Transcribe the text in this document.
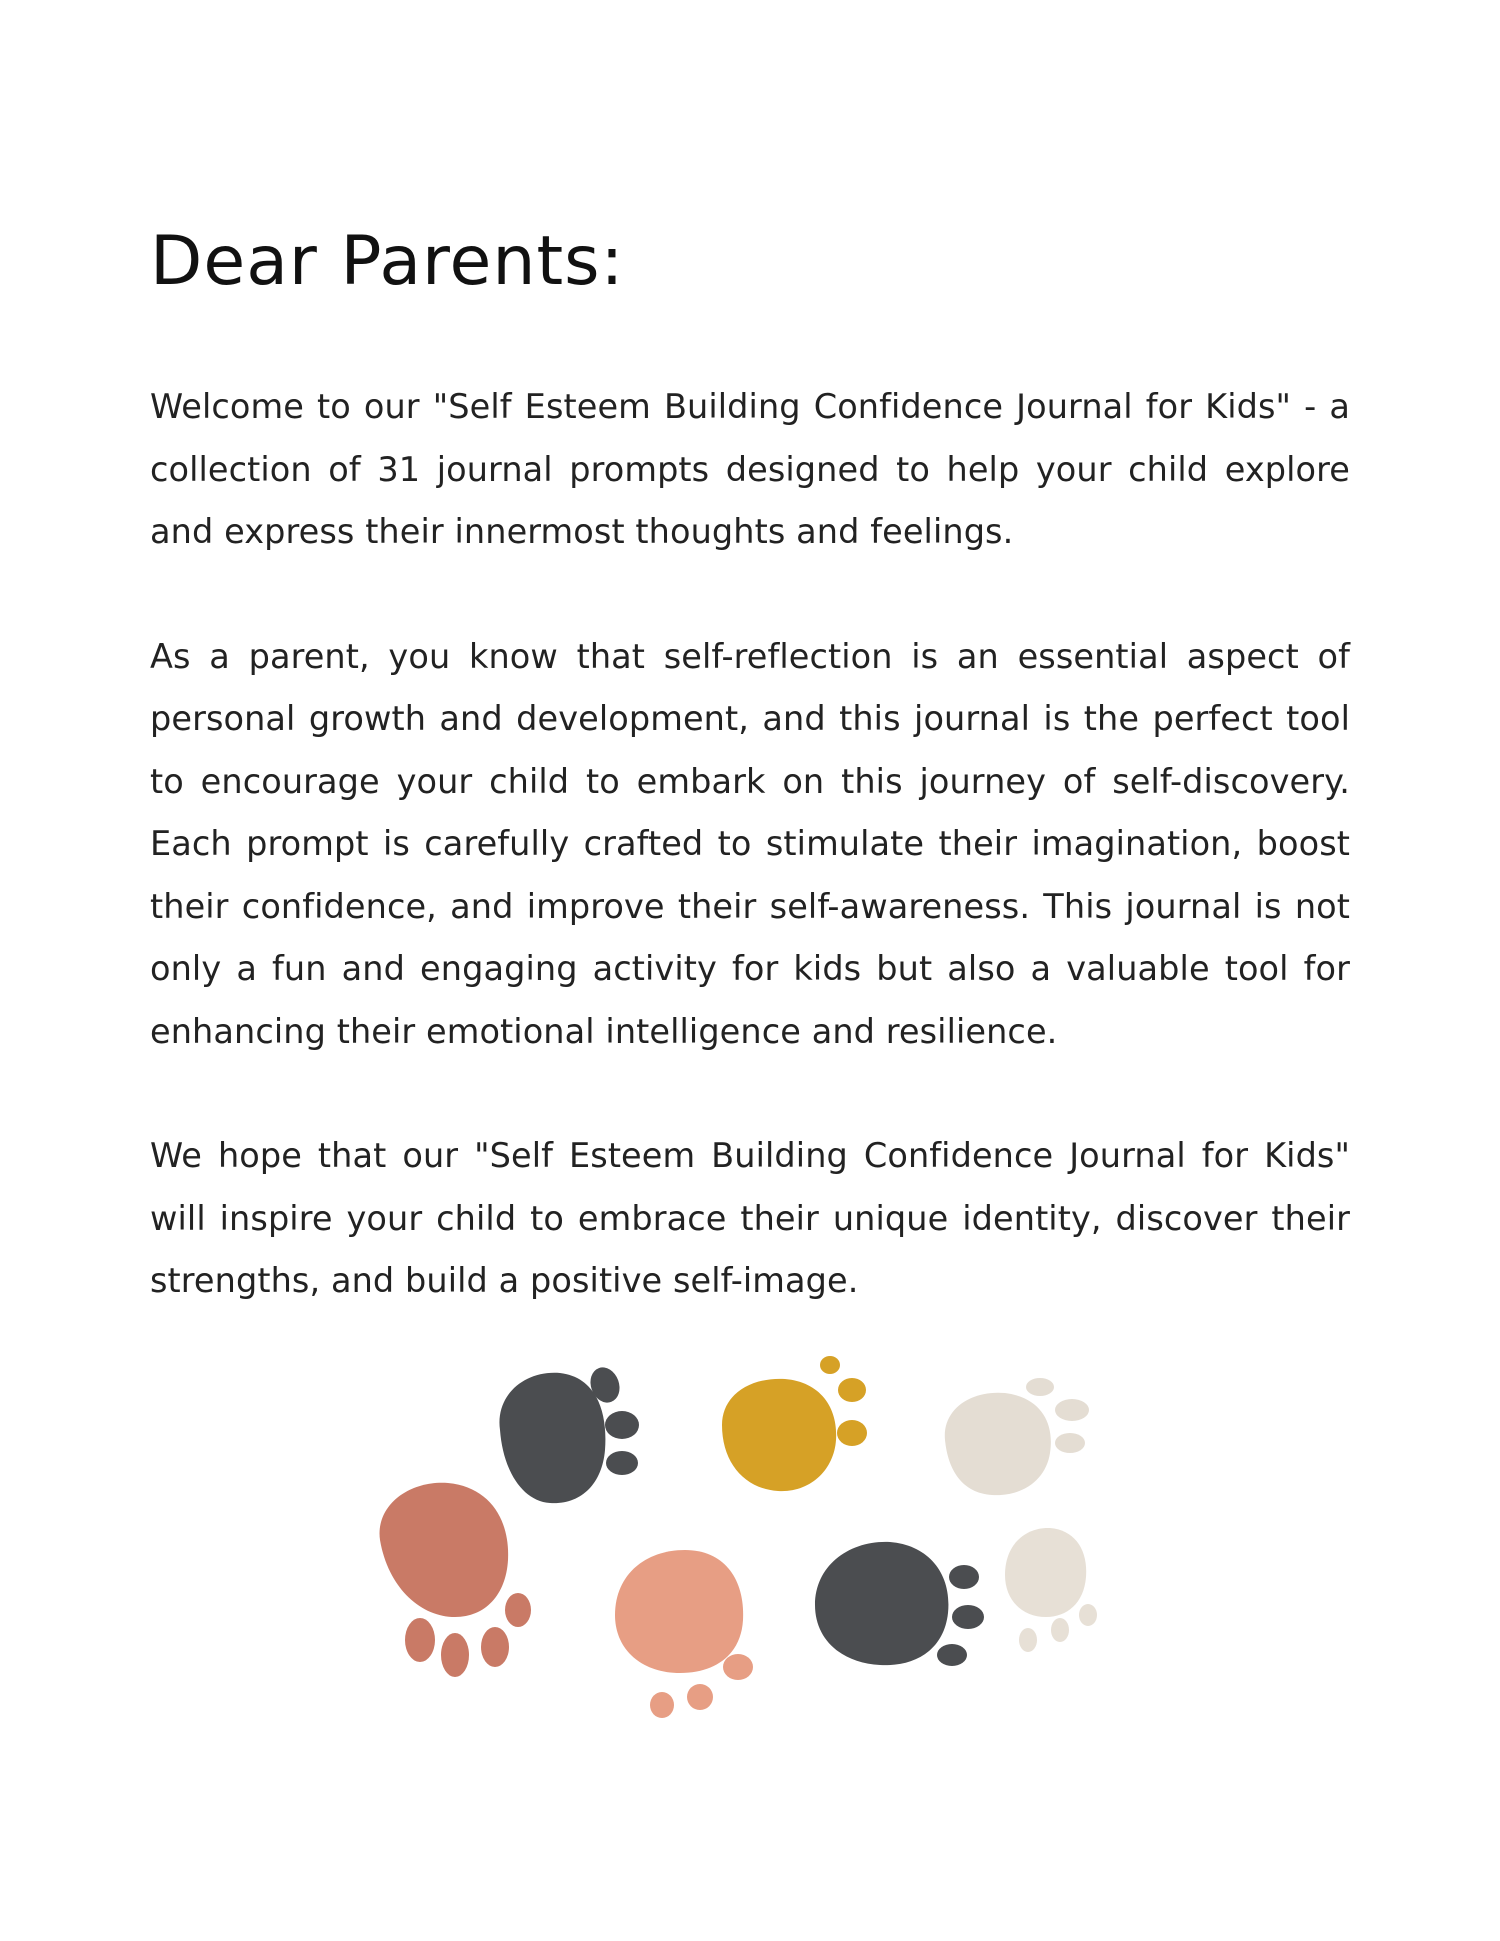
Dear Parents:

Welcome to our "Self Esteem Building Confidence Journal for Kids" - a collection of 31 journal prompts designed to help your child explore and express their innermost thoughts and feelings.

As a parent, you know that self-reflection is an essential aspect of personal growth and development, and this journal is the perfect tool to encourage your child to embark on this journey of self-discovery. Each prompt is carefully crafted to stimulate their imagination, boost their confidence, and improve their self-awareness. This journal is not only a fun and engaging activity for kids but also a valuable tool for enhancing their emotional intelligence and resilience.

We hope that our "Self Esteem Building Confidence Journal for Kids" will inspire your child to embrace their unique identity, discover their strengths, and build a positive self-image.
